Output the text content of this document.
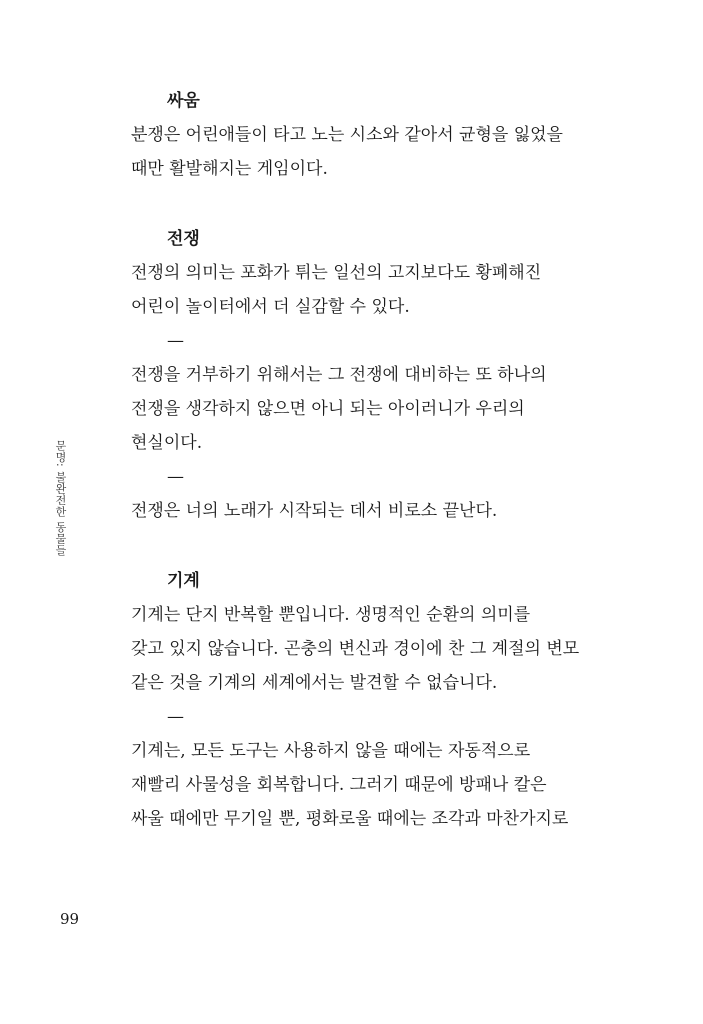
문명: 불완전한 동물들
싸움
분쟁은 어린애들이 타고 노는 시소와 같아서 균형을 잃었을
때만 활발해지는 게임이다.
전쟁
전쟁의 의미는 포화가 튀는 일선의 고지보다도 황폐해진
어린이 놀이터에서 더 실감할 수 있다.
—
전쟁을 거부하기 위해서는 그 전쟁에 대비하는 또 하나의
전쟁을 생각하지 않으면 아니 되는 아이러니가 우리의
현실이다.
—
전쟁은 너의 노래가 시작되는 데서 비로소 끝난다.
기계
기계는 단지 반복할 뿐입니다. 생명적인 순환의 의미를
갖고 있지 않습니다. 곤충의 변신과 경이에 찬 그 계절의 변모
같은 것을 기계의 세계에서는 발견할 수 없습니다.
—
기계는, 모든 도구는 사용하지 않을 때에는 자동적으로
재빨리 사물성을 회복합니다. 그러기 때문에 방패나 칼은
싸울 때에만 무기일 뿐, 평화로울 때에는 조각과 마찬가지로
99
